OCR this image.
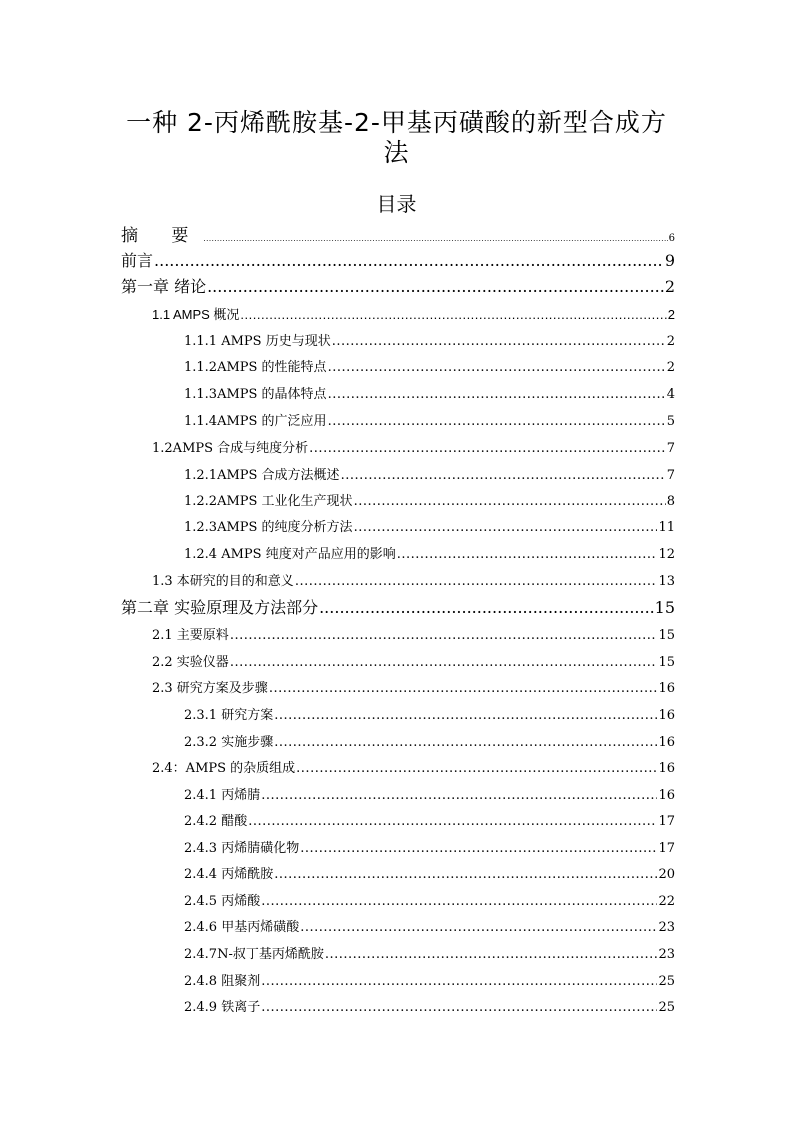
一种 2-丙烯酰胺基-2-甲基丙磺酸的新型合成方
法
目录
摘 要 .....	6
前言 .....	9
第一章 绪论 .....	2
1.1 AMPS 概况 .....	2
1.1.1 AMPS 历史与现状 .....	2
1.1.2AMPS 的性能特点 .....	2
1.1.3AMPS 的晶体特点 .....	4
1.1.4AMPS 的广泛应用 .....	5
1.2AMPS 合成与纯度分析 .....	7
1.2.1AMPS 合成方法概述 .....	7
1.2.2AMPS 工业化生产现状 .....	8
1.2.3AMPS 的纯度分析方法 .....	11
1.2.4 AMPS 纯度对产品应用的影响 .....	12
1.3 本研究的目的和意义 .....	13
第二章 实验原理及方法部分 .....	15
2.1 主要原料 .....	15
2.2 实验仪器 .....	15
2.3 研究方案及步骤 .....	16
2.3.1 研究方案 .....	16
2.3.2 实施步骤 .....	16
2.4：AMPS 的杂质组成 .....	16
2.4.1 丙烯腈 .....	16
2.4.2 醋酸 .....	17
2.4.3 丙烯腈磺化物 .....	17
2.4.4 丙烯酰胺 .....	20
2.4.5 丙烯酸 .....	22
2.4.6 甲基丙烯磺酸 .....	23
2.4.7N-叔丁基丙烯酰胺 .....	23
2.4.8 阻聚剂 .....	25
2.4.9 铁离子 .....	25
